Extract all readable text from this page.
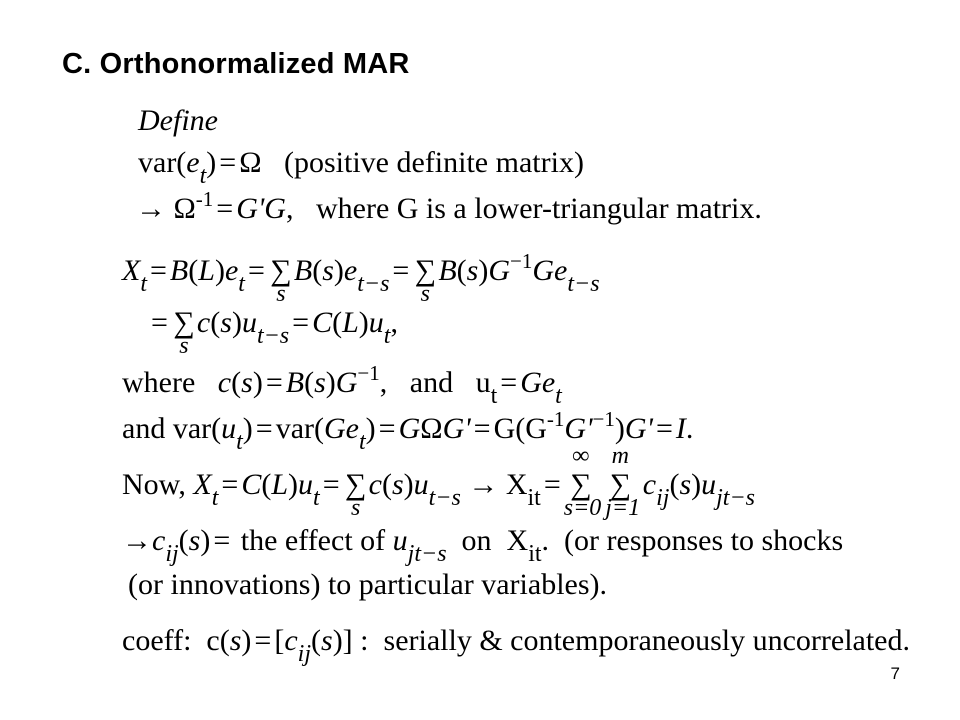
C. Orthonormalized MAR
Define
$var(e_t) = \Omega$   (positive definite matrix)
→ $\Omega^{-1} = G'G$,   where G is a lower-triangular matrix.
$X_t = B(L)e_t$ = ∑
s
$B(s)e_{t-s}$ = ∑
s
$B(s)G^{-1}Ge_{t-s}$
= ∑
s
$c(s)u_{t-s} = C(L)u_t$,
where $c(s) = B(s)G^{-1}$,   and   $u_t = Ge_t$
and $var(u_t) = var(Ge_t) = G\Omega G' = G(G^{-1}G'^{-1})G' = I$.
Now, $X_t = C(L)u_t$ = ∑
s
$c(s)u_{t-s} \to X_{it}$ =
∞
∑
s=0

m
∑
j=1
$c_{ij}(s)u_{jt-s}$
$\to c_{ij}(s)$ = the effect of $u_{jt-s}$ on  $X_{it}$.  (or responses to shocks
(or innovations) to particular variables).
coeff:  $c(s) = [c_{ij}(s)]$ :  serially & contemporaneously uncorrelated.
7
